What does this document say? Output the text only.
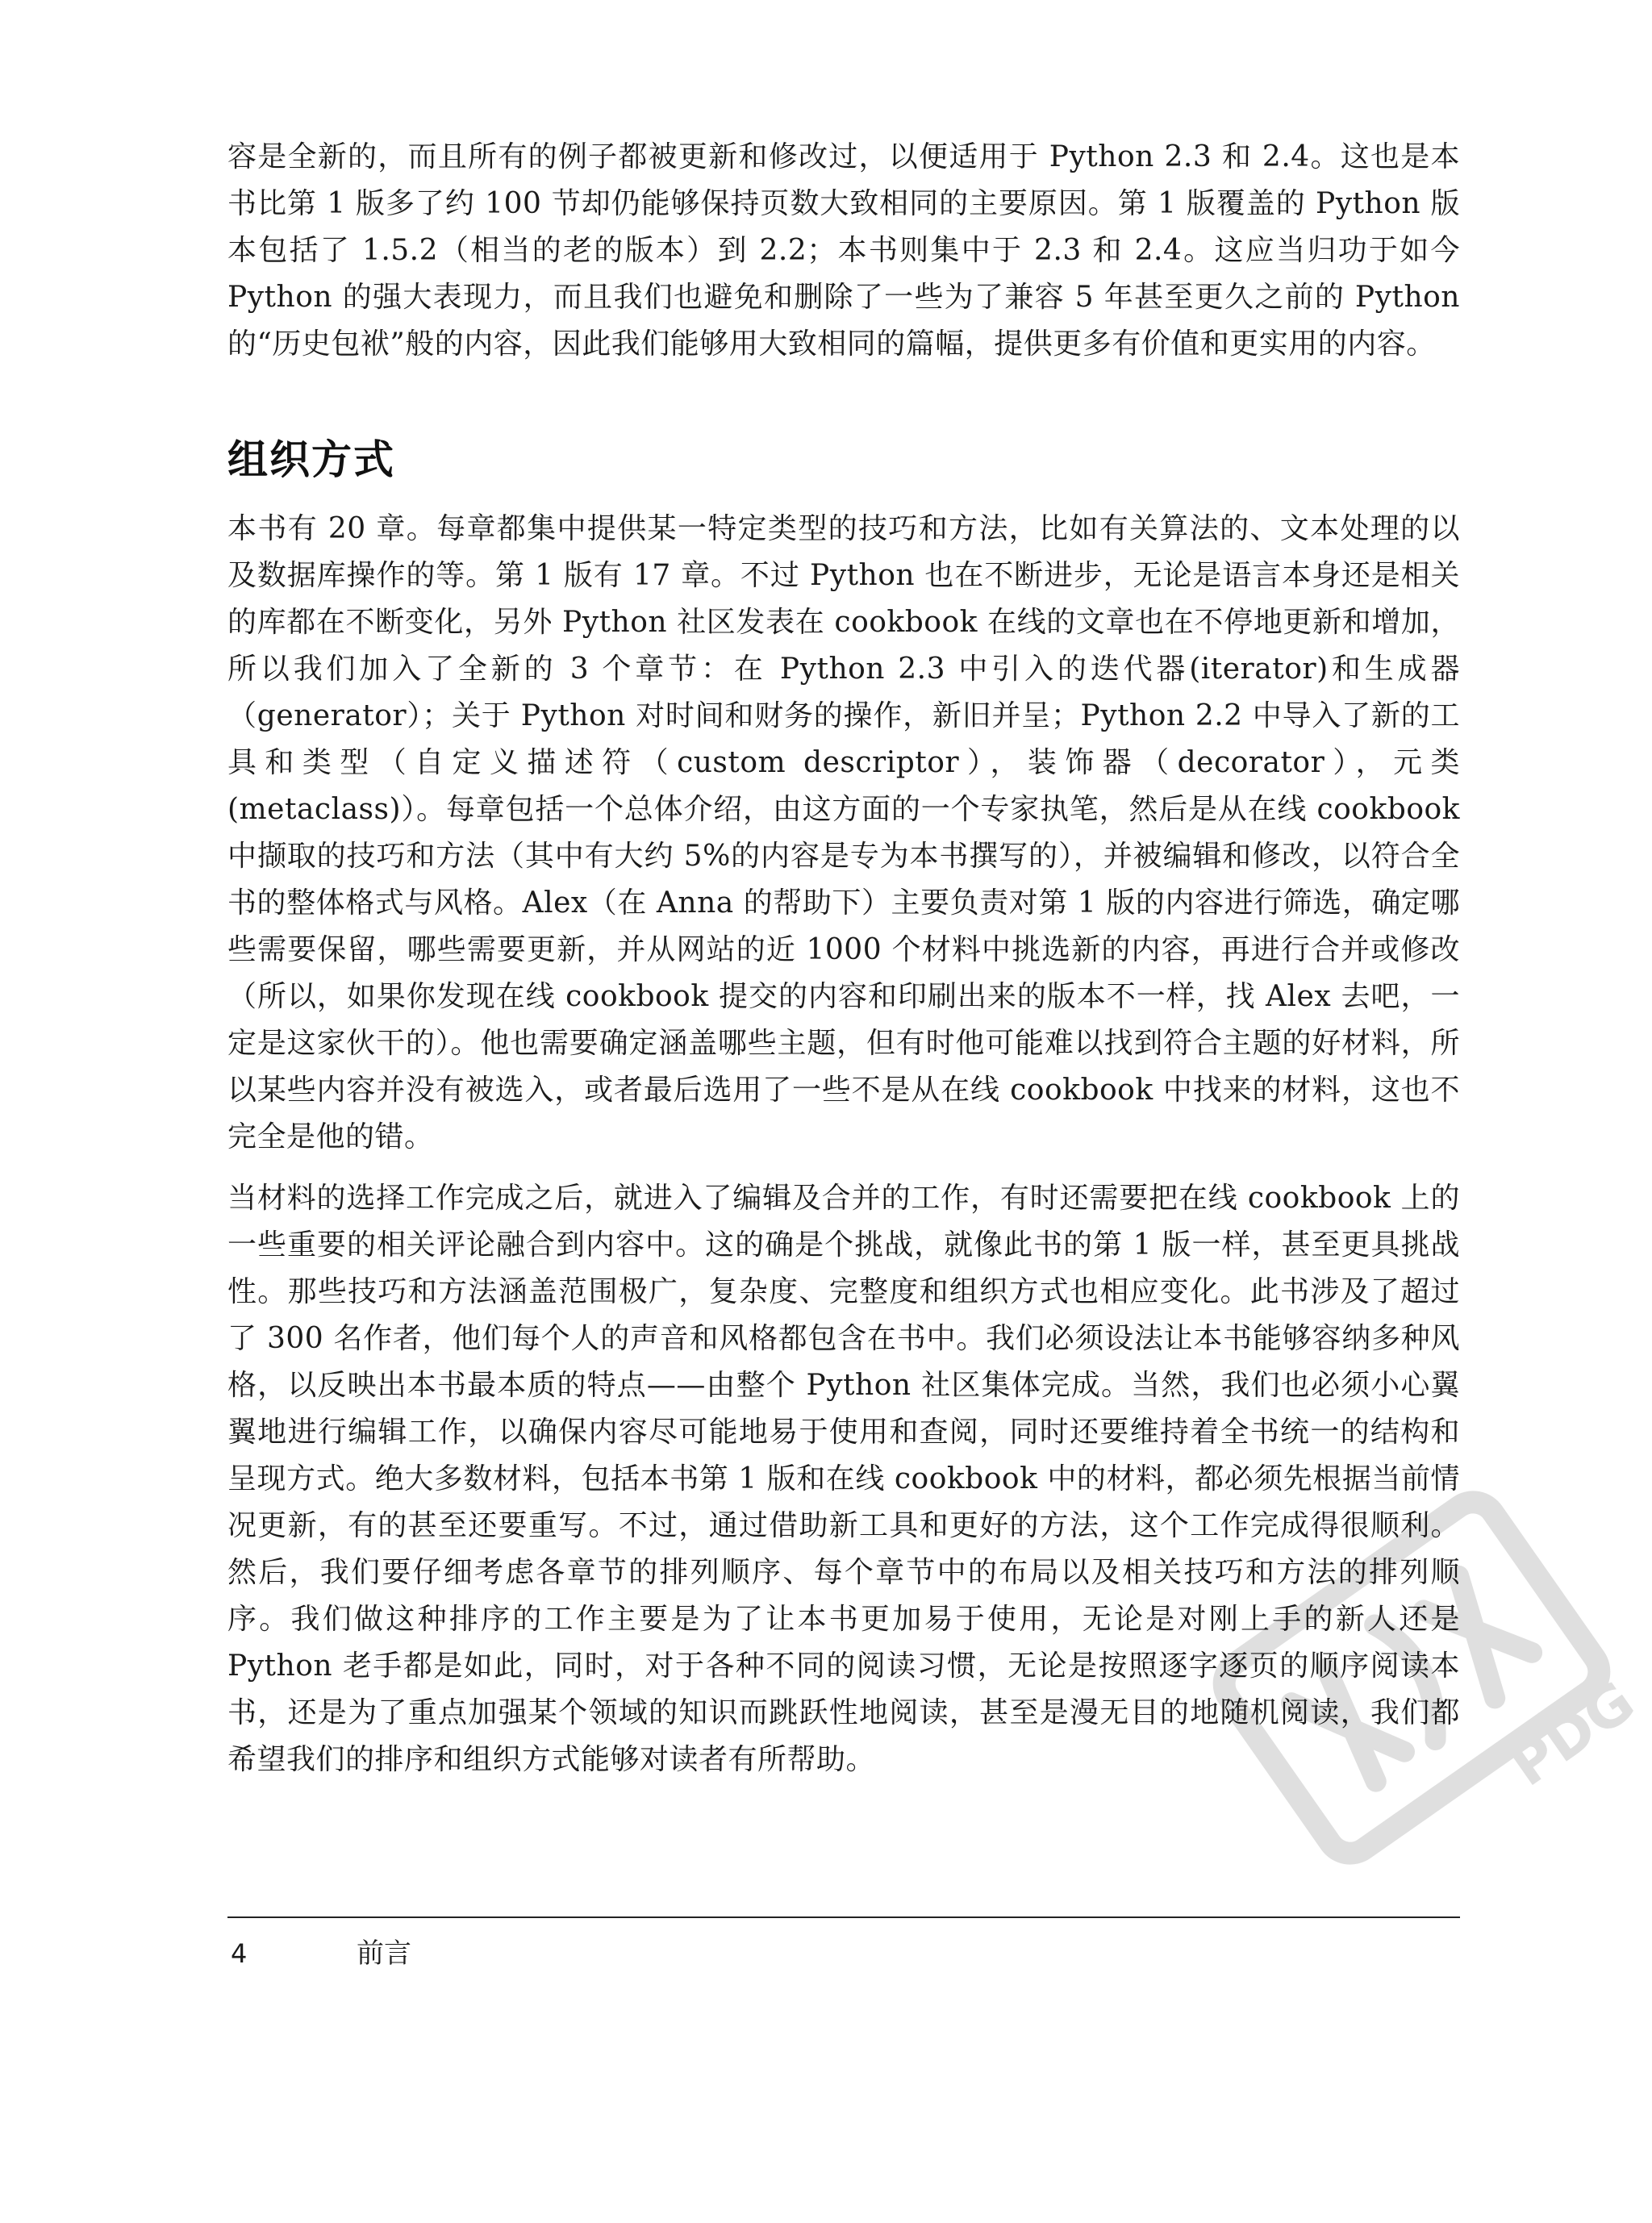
容是全新的，而且所有的例子都被更新和修改过，以便适用于 Python 2.3 和 2.4。这也是本书比第 1 版多了约 100 节却仍能够保持页数大致相同的主要原因。第 1 版覆盖的 Python 版本包括了 1.5.2（相当的老的版本）到 2.2；本书则集中于 2.3 和 2.4。这应当归功于如今 Python 的强大表现力，而且我们也避免和删除了一些为了兼容 5 年甚至更久之前的 Python 的“历史包袱”般的内容，因此我们能够用大致相同的篇幅，提供更多有价值和更实用的内容。
组织方式
本书有 20 章。每章都集中提供某一特定类型的技巧和方法，比如有关算法的、文本处理的以及数据库操作的等。第 1 版有 17 章。不过 Python 也在不断进步，无论是语言本身还是相关的库都在不断变化，另外 Python 社区发表在 cookbook 在线的文章也在不停地更新和增加，所以我们加入了全新的 3 个章节：在 Python 2.3 中引入的迭代器(iterator)和生成器（generator）；关于 Python 对时间和财务的操作，新旧并呈；Python 2.2 中导入了新的工具和类型（自定义描述符（custom descriptor），装饰器（decorator），元类(metaclass)）。每章包括一个总体介绍，由这方面的一个专家执笔，然后是从在线 cookbook 中撷取的技巧和方法（其中有大约 5%的内容是专为本书撰写的），并被编辑和修改，以符合全书的整体格式与风格。Alex（在 Anna 的帮助下）主要负责对第 1 版的内容进行筛选，确定哪些需要保留，哪些需要更新，并从网站的近 1000 个材料中挑选新的内容，再进行合并或修改（所以，如果你发现在线 cookbook 提交的内容和印刷出来的版本不一样，找 Alex 去吧，一定是这家伙干的）。他也需要确定涵盖哪些主题，但有时他可能难以找到符合主题的好材料，所以某些内容并没有被选入，或者最后选用了一些不是从在线 cookbook 中找来的材料，这也不完全是他的错。
当材料的选择工作完成之后，就进入了编辑及合并的工作，有时还需要把在线 cookbook 上的一些重要的相关评论融合到内容中。这的确是个挑战，就像此书的第 1 版一样，甚至更具挑战性。那些技巧和方法涵盖范围极广，复杂度、完整度和组织方式也相应变化。此书涉及了超过了 300 名作者，他们每个人的声音和风格都包含在书中。我们必须设法让本书能够容纳多种风格，以反映出本书最本质的特点——由整个 Python 社区集体完成。当然，我们也必须小心翼翼地进行编辑工作，以确保内容尽可能地易于使用和查阅，同时还要维持着全书统一的结构和呈现方式。绝大多数材料，包括本书第 1 版和在线 cookbook 中的材料，都必须先根据当前情况更新，有的甚至还要重写。不过，通过借助新工具和更好的方法，这个工作完成得很顺利。然后，我们要仔细考虑各章节的排列顺序、每个章节中的布局以及相关技巧和方法的排列顺序。我们做这种排序的工作主要是为了让本书更加易于使用，无论是对刚上手的新人还是 Python 老手都是如此，同时，对于各种不同的阅读习惯，无论是按照逐字逐页的顺序阅读本书，还是为了重点加强某个领域的知识而跳跃性地阅读，甚至是漫无目的地随机阅读，我们都希望我们的排序和组织方式能够对读者有所帮助。
4	前言
PDG
